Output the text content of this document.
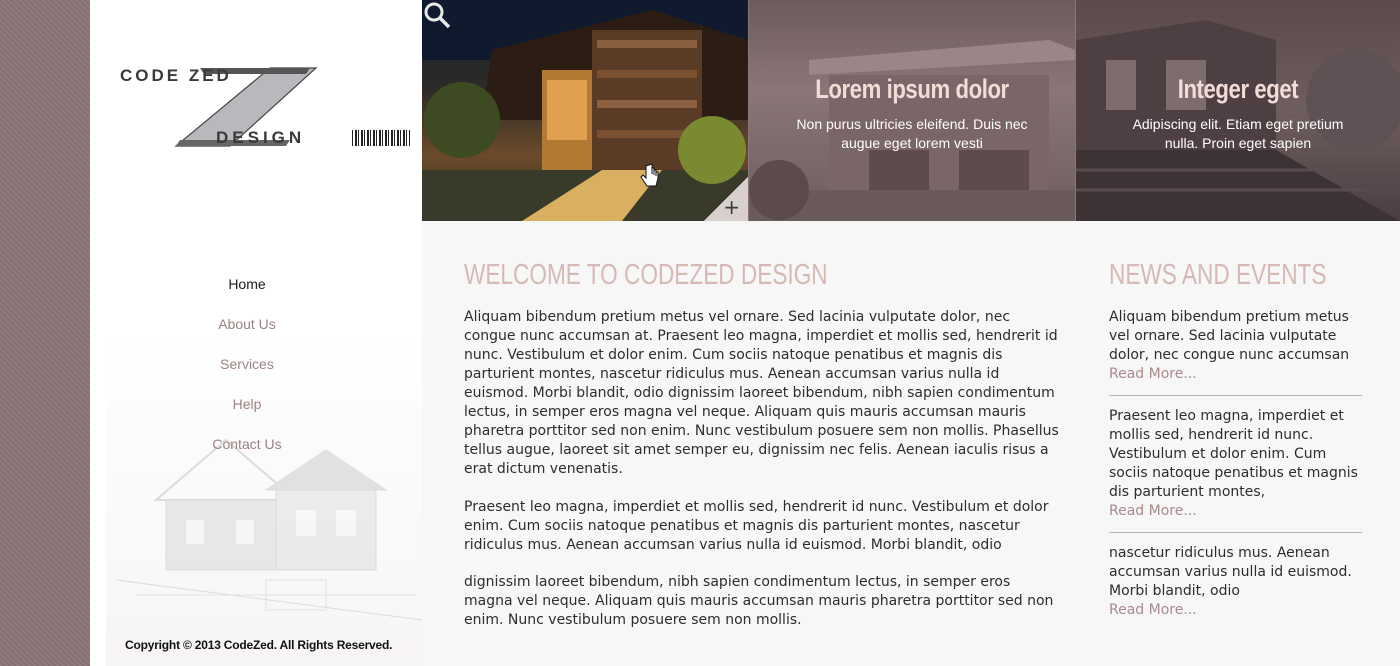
CODE ZED
DESIGN
Home
About Us
Services
Help
Contact Us
Copyright © 2013 CodeZed. All Rights Reserved.
+
Lorem ipsum dolor

Non purus ultricies eleifend. Duis nec augue eget lorem vesti

Integer eget

Adipiscing elit. Etiam eget pretium nulla. Proin eget sapien

WELCOME TO CODEZED DESIGN

Aliquam bibendum pretium metus vel ornare. Sed lacinia vulputate dolor, nec congue nunc accumsan at. Praesent leo magna, imperdiet et mollis sed, hendrerit id nunc. Vestibulum et dolor enim. Cum sociis natoque penatibus et magnis dis parturient montes, nascetur ridiculus mus. Aenean accumsan varius nulla id euismod. Morbi blandit, odio dignissim laoreet bibendum, nibh sapien condimentum lectus, in semper eros magna vel neque. Aliquam quis mauris accumsan mauris pharetra porttitor sed non enim. Nunc vestibulum posuere sem non mollis. Phasellus tellus augue, laoreet sit amet semper eu, dignissim nec felis. Aenean iaculis risus a erat dictum venenatis.

Praesent leo magna, imperdiet et mollis sed, hendrerit id nunc. Vestibulum et dolor enim. Cum sociis natoque penatibus et magnis dis parturient montes, nascetur ridiculus mus. Aenean accumsan varius nulla id euismod. Morbi blandit, odio

dignissim laoreet bibendum, nibh sapien condimentum lectus, in semper eros magna vel neque. Aliquam quis mauris accumsan mauris pharetra porttitor sed non enim. Nunc vestibulum posuere sem non mollis.

NEWS AND EVENTS

Aliquam bibendum pretium metus vel ornare. Sed lacinia vulputate dolor, nec congue nunc accumsan

Read More...

Praesent leo magna, imperdiet et mollis sed, hendrerit id nunc. Vestibulum et dolor enim. Cum sociis natoque penatibus et magnis dis parturient montes,

Read More...

nascetur ridiculus mus. Aenean accumsan varius nulla id euismod. Morbi blandit, odio

Read More...
